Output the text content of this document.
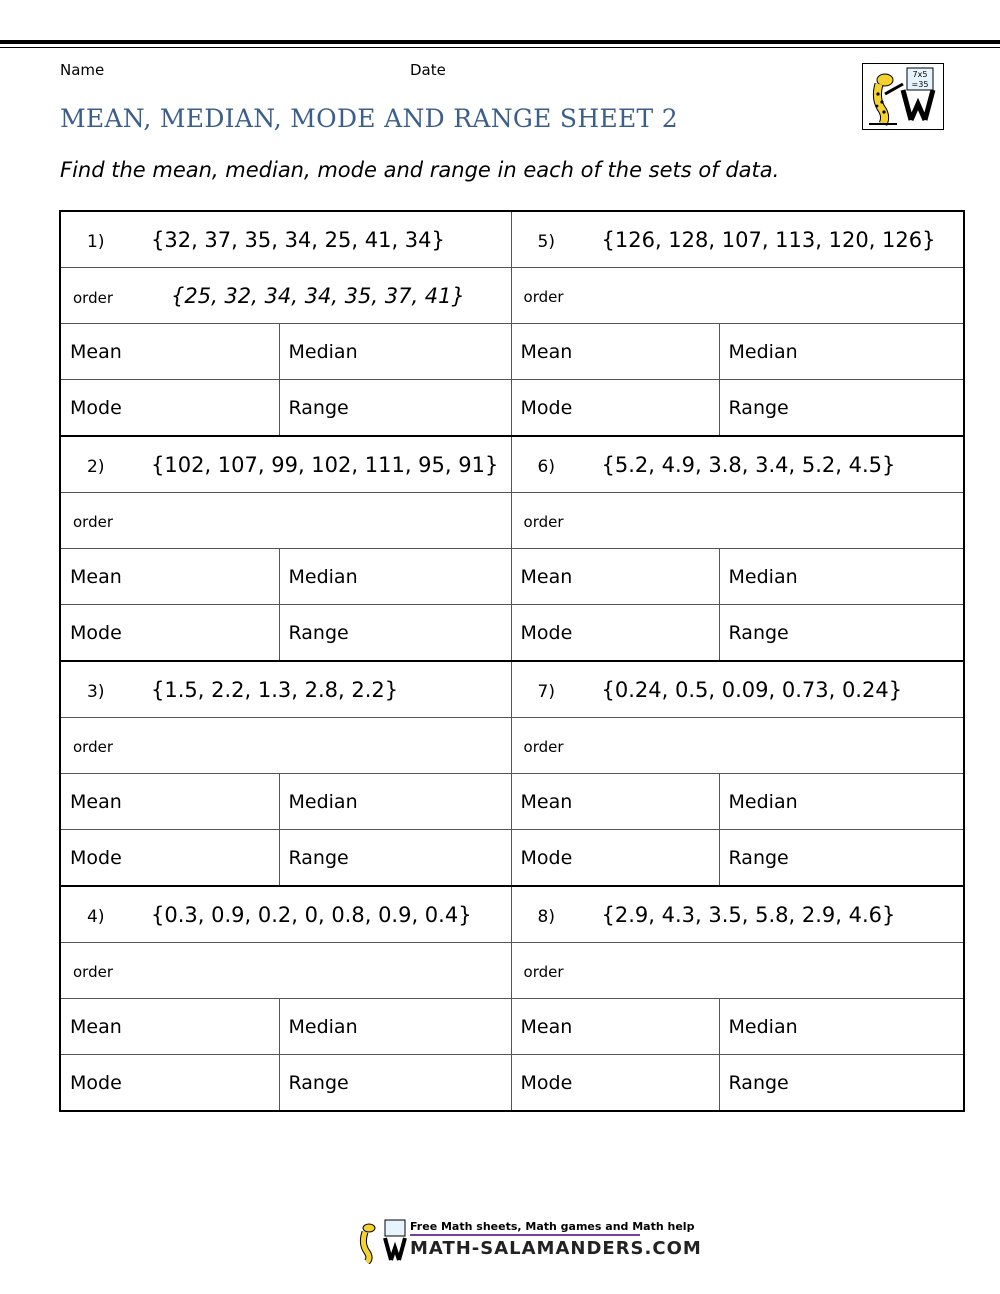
Name	Date	7x5
=35
MEAN, MEDIAN, MODE AND RANGE SHEET 2

Find the mean, median, mode and range in each of the sets of data.

1) {32, 37, 35, 34, 25, 41, 34}		5) {126, 128, 107, 113, 120, 126}	
order {25, 32, 34, 34, 35, 37, 41}		order	
Mean	Median	Mean	Median
Mode	Range	Mode	Range
2) {102, 107, 99, 102, 111, 95, 91}		6) {5.2, 4.9, 3.8, 3.4, 5.2, 4.5}	
order		order	
Mean	Median	Mean	Median
Mode	Range	Mode	Range
3) {1.5, 2.2, 1.3, 2.8, 2.2}		7) {0.24, 0.5, 0.09, 0.73, 0.24}	
order		order	
Mean	Median	Mean	Median
Mode	Range	Mode	Range
4) {0.3, 0.9, 0.2, 0, 0.8, 0.9, 0.4}		8) {2.9, 4.3, 3.5, 5.8, 2.9, 4.6}	
order		order	
Mean	Median	Mean	Median
Mode	Range	Mode	Range
Free Math sheets, Math games and Math help
MATH-SALAMANDERS.COM
